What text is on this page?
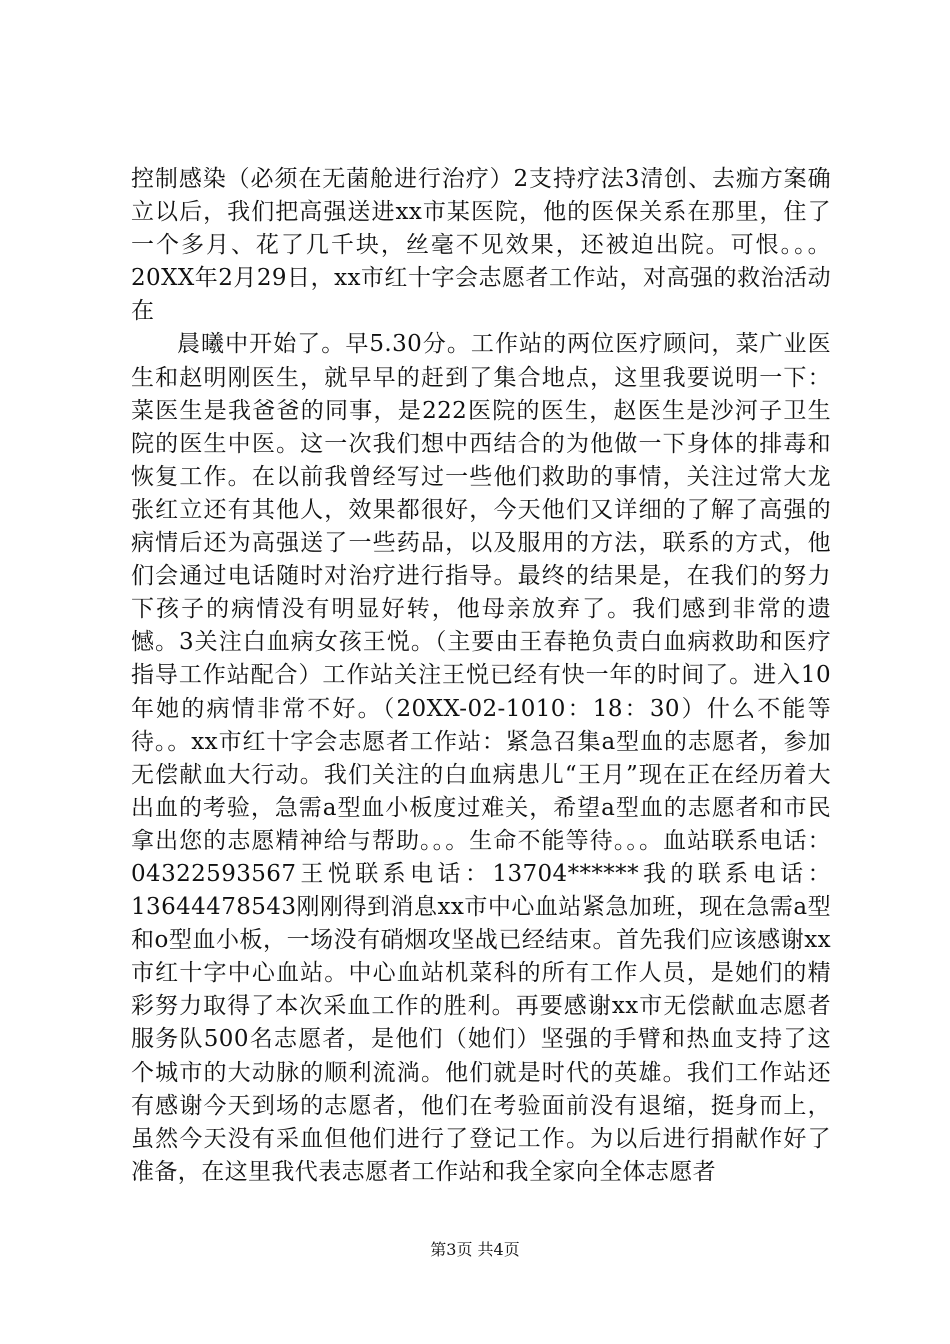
控制感染（必须在无菌舱进行治疗）2支持疗法3清创、去痂方案确立以后，我们把高强送进xx市某医院，他的医保关系在那里，住了一个多月、花了几千块，丝毫不见效果，还被迫出院。可恨。。。20XX年2月29日，xx市红十字会志愿者工作站，对高强的救治活动在

晨曦中开始了。早5.30分。工作站的两位医疗顾问，菜广业医生和赵明刚医生，就早早的赶到了集合地点，这里我要说明一下：菜医生是我爸爸的同事，是222医院的医生，赵医生是沙河子卫生院的医生中医。这一次我们想中西结合的为他做一下身体的排毒和恢复工作。在以前我曾经写过一些他们救助的事情，关注过常大龙张红立还有其他人，效果都很好，今天他们又详细的了解了高强的病情后还为高强送了一些药品，以及服用的方法，联系的方式，他们会通过电话随时对治疗进行指导。最终的结果是，在我们的努力下孩子的病情没有明显好转，他母亲放弃了。我们感到非常的遗憾。3关注白血病女孩王悦。（主要由王春艳负责白血病救助和医疗指导工作站配合）工作站关注王悦已经有快一年的时间了。进入10年她的病情非常不好。（20XX-02-1010：18：30）什么不能等待。。xx市红十字会志愿者工作站：紧急召集a型血的志愿者，参加无偿献血大行动。我们关注的白血病患儿“王月”现在正在经历着大出血的考验，急需a型血小板度过难关，希望a型血的志愿者和市民拿出您的志愿精神给与帮助。。。生命不能等待。。。血站联系电话：04322593567王悦联系电话：13704******我的联系电话：13644478543刚刚得到消息xx市中心血站紧急加班，现在急需a型和o型血小板，一场没有硝烟攻坚战已经结束。首先我们应该感谢xx市红十字中心血站。中心血站机菜科的所有工作人员，是她们的精彩努力取得了本次采血工作的胜利。再要感谢xx市无偿献血志愿者服务队500名志愿者，是他们（她们）坚强的手臂和热血支持了这个城市的大动脉的顺利流淌。他们就是时代的英雄。我们工作站还有感谢今天到场的志愿者，他们在考验面前没有退缩，挺身而上，虽然今天没有采血但他们进行了登记工作。为以后进行捐献作好了准备，在这里我代表志愿者工作站和我全家向全体志愿者

第3页 共4页
